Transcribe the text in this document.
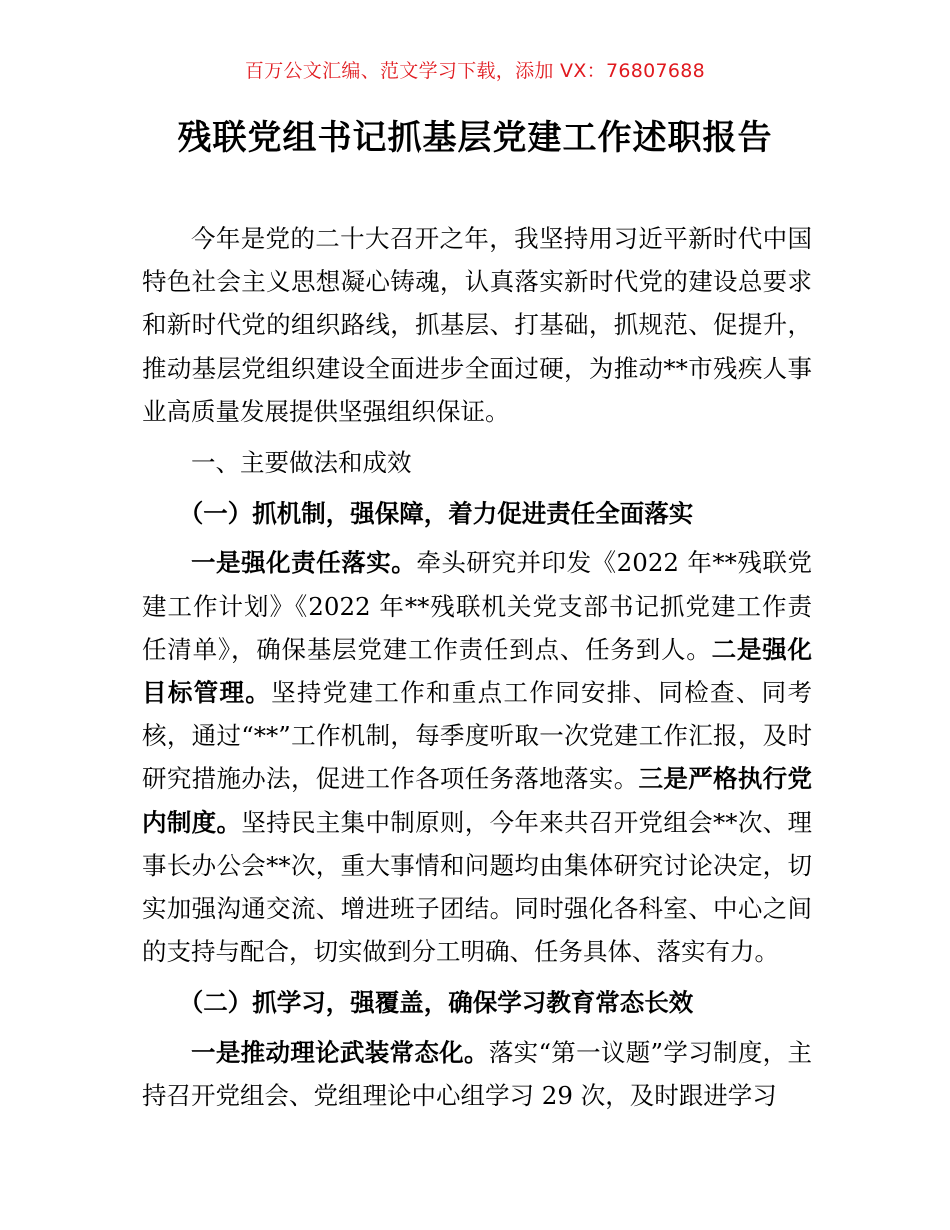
百万公文汇编、范文学习下载，添加 VX：76807688

残联党组书记抓基层党建工作述职报告

今年是党的二十大召开之年，我坚持用习近平新时代中国特色社会主义思想凝心铸魂，认真落实新时代党的建设总要求和新时代党的组织路线，抓基层、打基础，抓规范、促提升，推动基层党组织建设全面进步全面过硬，为推动**市残疾人事业高质量发展提供坚强组织保证。

一、主要做法和成效

（一）抓机制，强保障，着力促进责任全面落实

一是强化责任落实。牵头研究并印发《2022 年**残联党建工作计划》《2022 年**残联机关党支部书记抓党建工作责任清单》，确保基层党建工作责任到点、任务到人。二是强化目标管理。坚持党建工作和重点工作同安排、同检查、同考核，通过“**”工作机制，每季度听取一次党建工作汇报，及时研究措施办法，促进工作各项任务落地落实。三是严格执行党内制度。坚持民主集中制原则，今年来共召开党组会**次、理事长办公会**次，重大事情和问题均由集体研究讨论决定，切实加强沟通交流、增进班子团结。同时强化各科室、中心之间的支持与配合，切实做到分工明确、任务具体、落实有力。

（二）抓学习，强覆盖，确保学习教育常态长效

一是推动理论武装常态化。落实“第一议题”学习制度，主持召开党组会、党组理论中心组学习 29 次，及时跟进学习
